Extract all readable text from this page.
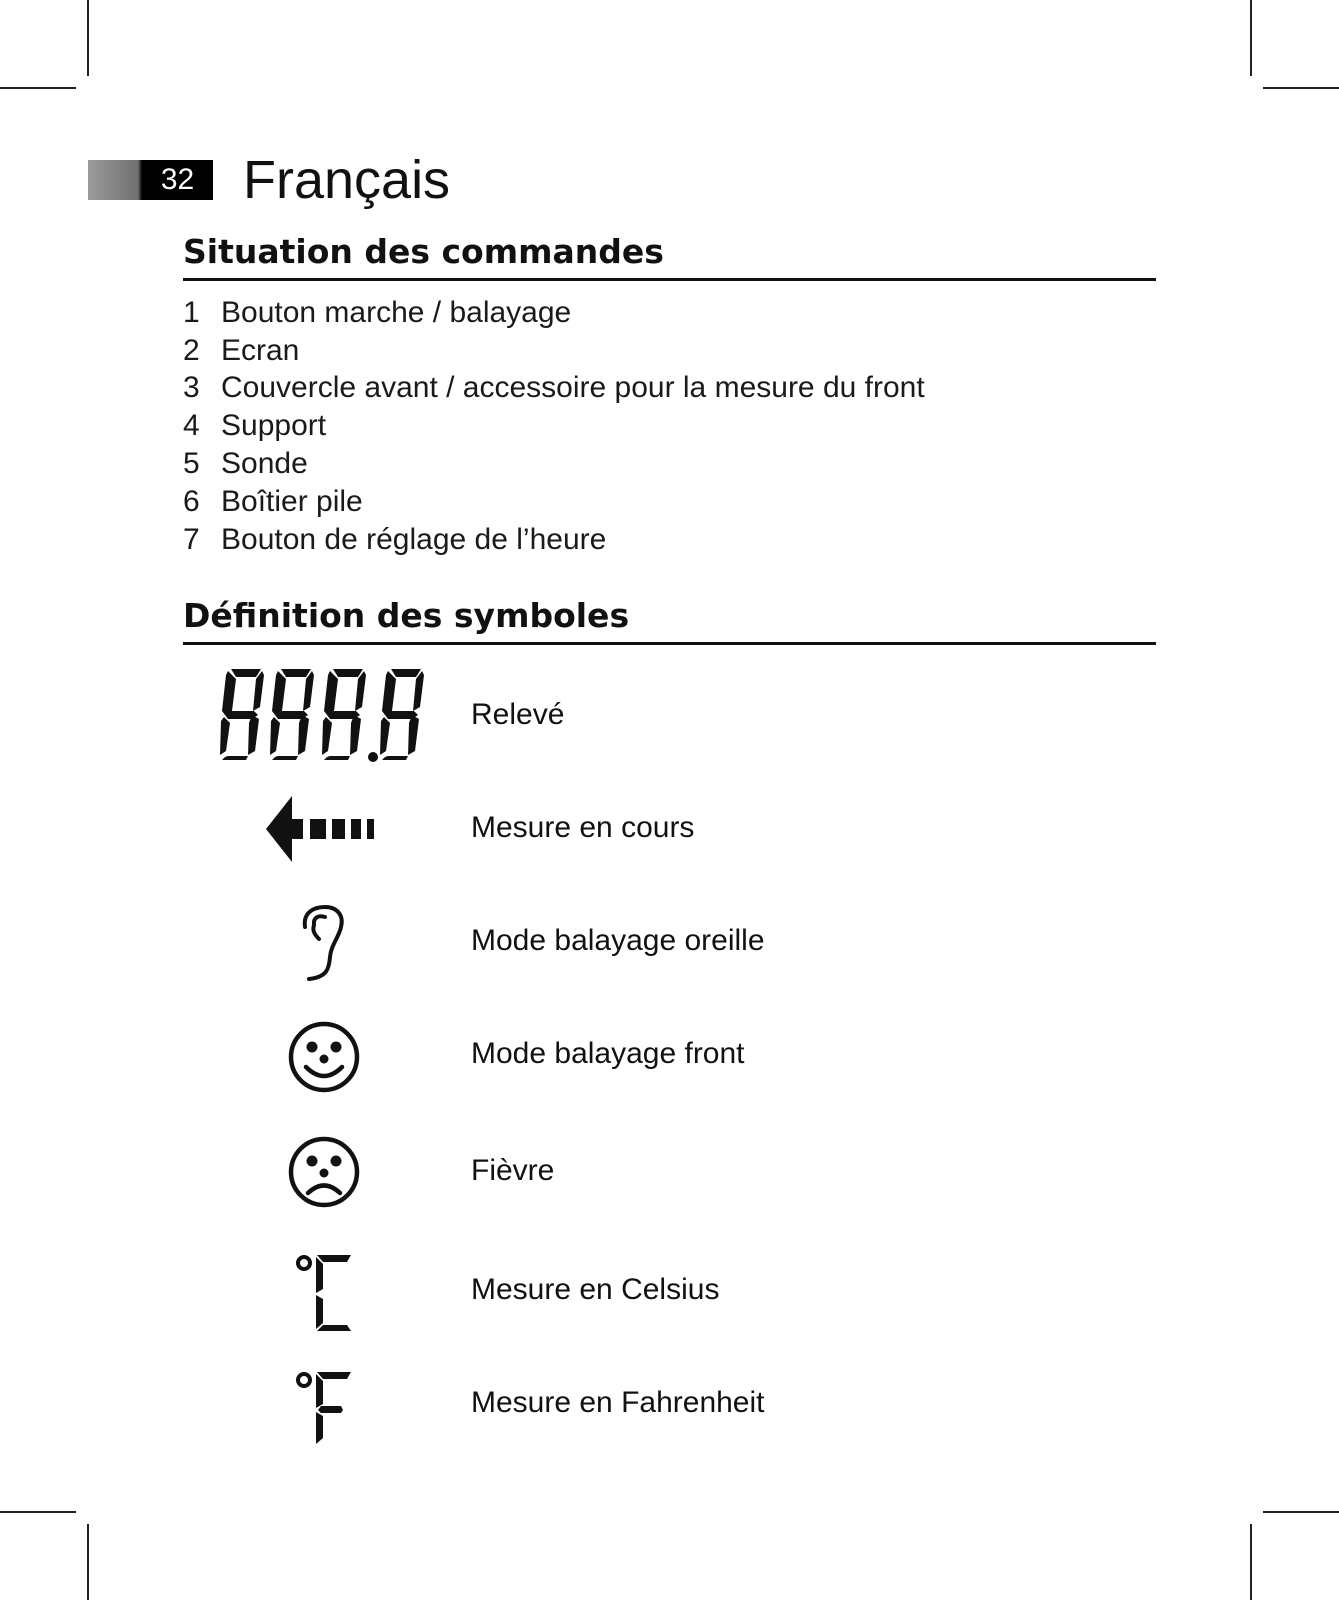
32 Français
Situation des commandes
1 Bouton marche / balayage
2 Ecran
3 Couvercle avant / accessoire pour la mesure du front
4 Support
5 Sonde
6 Boîtier pile
7 Bouton de réglage de l’heure
Définition des symboles
Relevé
Mesure en cours
Mode balayage oreille
Mode balayage front
Fièvre
Mesure en Celsius
Mesure en Fahrenheit
